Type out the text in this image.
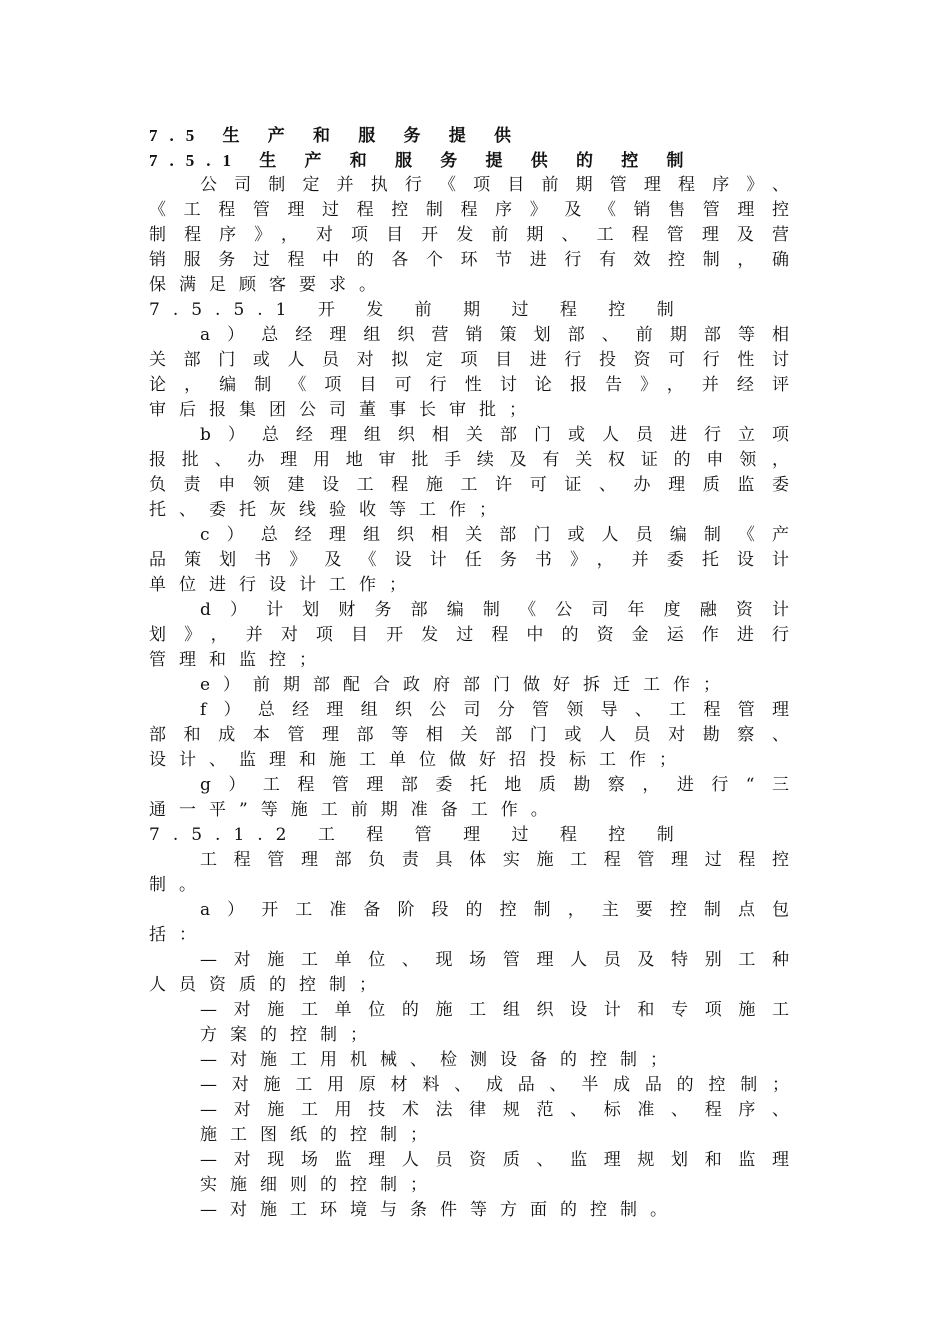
7.5 生 产 和 服 务 提 供
7.5.1 生 产 和 服 务 提 供 的 控 制
公司制定并执行《项目前期管理程序》、
《工程管理过程控制程序》及《销售管理控
制程序》，对项目开发前期、工程管理及营
销服务过程中的各个环节进行有效控制，确
保满足顾客要求。
7.5.5.1 开 发 前 期 过 程 控 制
a）总经理组织营销策划部、前期部等相
关部门或人员对拟定项目进行投资可行性讨
论，编制《项目可行性讨论报告》，并经评
审后报集团公司董事长审批；
b）总经理组织相关部门或人员进行立项
报批、办理用地审批手续及有关权证的申领，
负责申领建设工程施工许可证、办理质监委
托、委托灰线验收等工作；
c）总经理组织相关部门或人员编制《产
品策划书》及《设计任务书》，并委托设计
单位进行设计工作；
d）计划财务部编制《公司年度融资计
划》，并对项目开发过程中的资金运作进行
管理和监控；
e）前期部配合政府部门做好拆迁工作；
f）总经理组织公司分管领导、工程管理
部和成本管理部等相关部门或人员对勘察、
设计、监理和施工单位做好招投标工作；
g）工程管理部委托地质勘察，进行“三
通一平”等施工前期准备工作。
7.5.1.2 工 程 管 理 过 程 控 制
工程管理部负责具体实施工程管理过程控
制。
a）开工准备阶段的控制，主要控制点包
括：
—对施工单位、现场管理人员及特别工种
人员资质的控制；
—对施工单位的施工组织设计和专项施工
方案的控制；
—对施工用机械、检测设备的控制；
—对施工用原材料、成品、半成品的控制；
—对施工用技术法律规范、标准、程序、
施工图纸的控制；
—对现场监理人员资质、监理规划和监理
实施细则的控制；
—对施工环境与条件等方面的控制。
